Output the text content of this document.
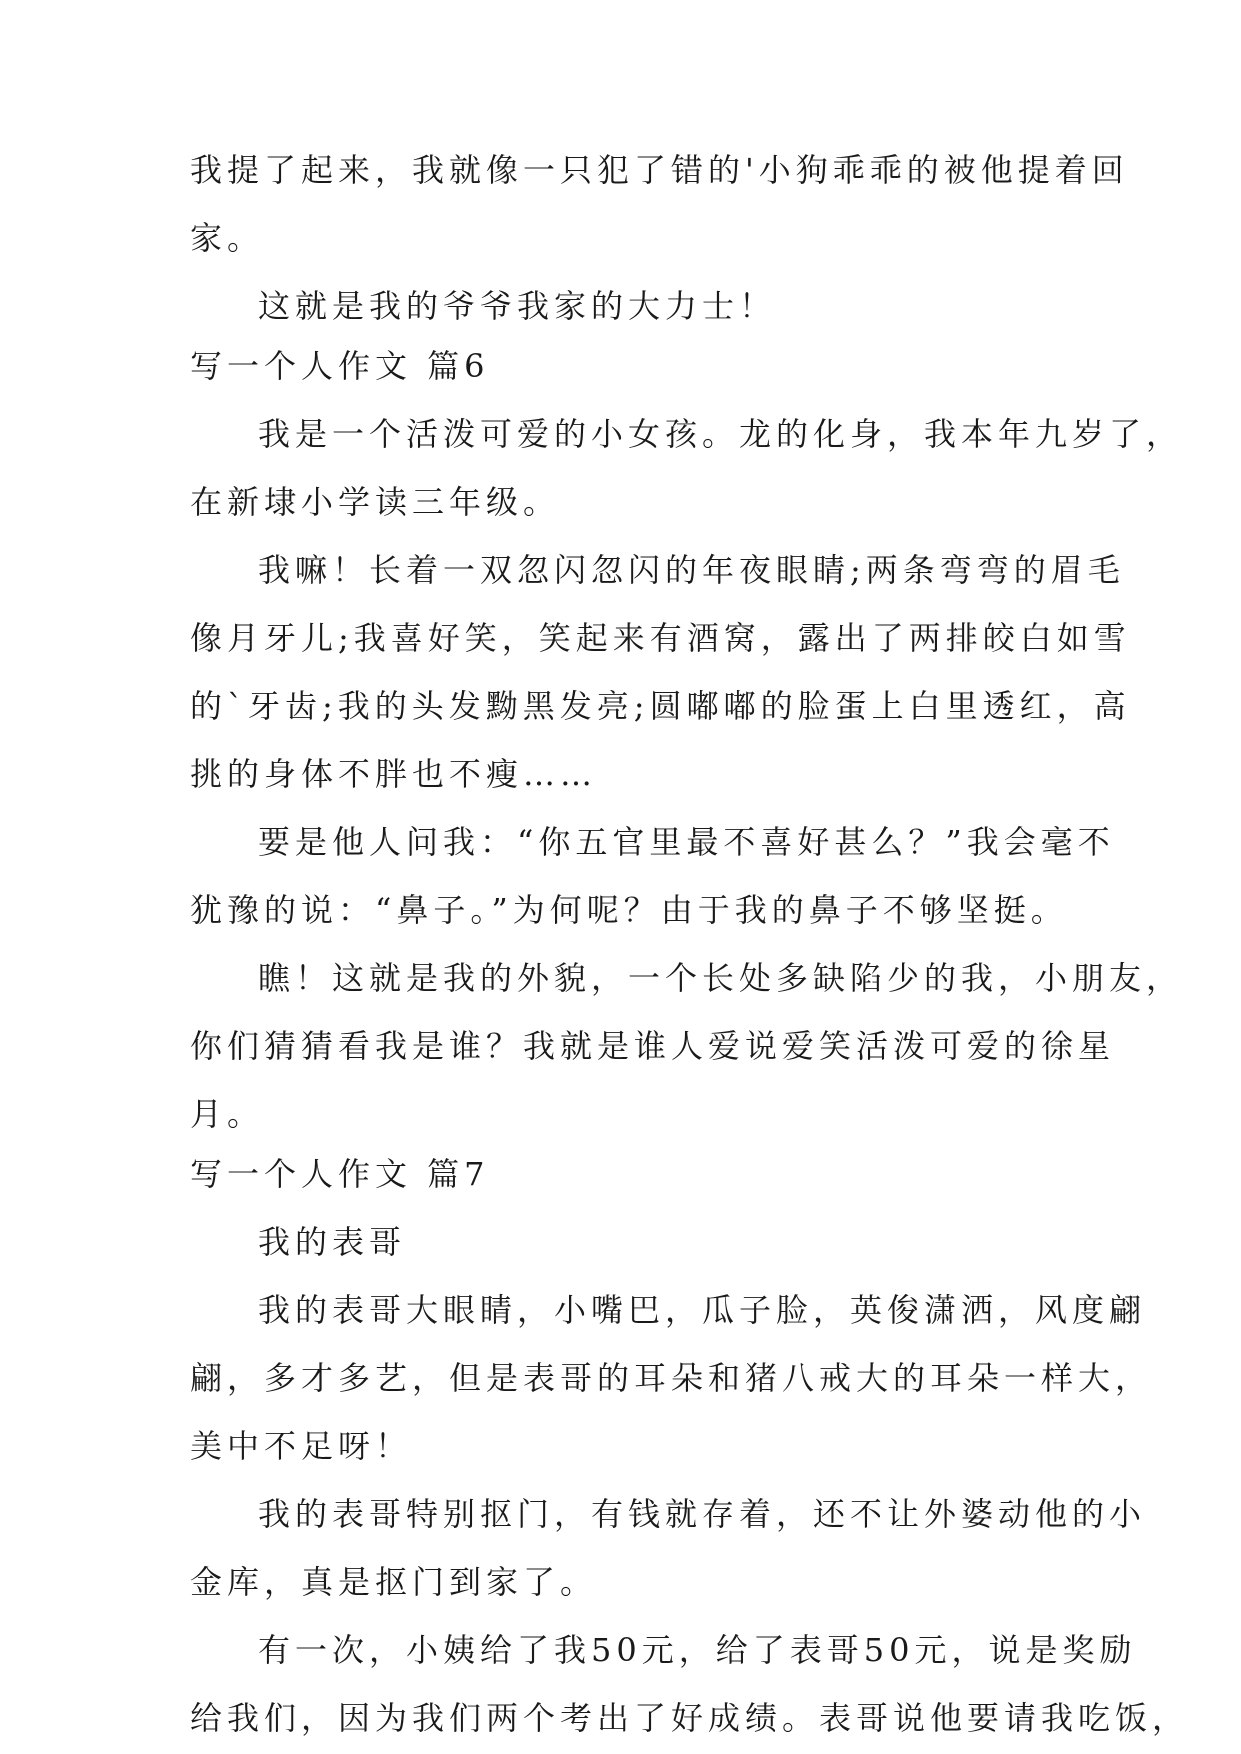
我提了起来，我就像一只犯了错的'小狗乖乖的被他提着回
家。
这就是我的爷爷我家的大力士！
写一个人作文 篇6
我是一个活泼可爱的小女孩。龙的化身，我本年九岁了，
在新埭小学读三年级。
我嘛！长着一双忽闪忽闪的年夜眼睛;两条弯弯的眉毛
像月牙儿;我喜好笑，笑起来有酒窝，露出了两排皎白如雪
的`牙齿;我的头发黝黑发亮;圆嘟嘟的脸蛋上白里透红，高
挑的身体不胖也不瘦……
要是他人问我：“你五官里最不喜好甚么？”我会毫不
犹豫的说：“鼻子。”为何呢？由于我的鼻子不够坚挺。
瞧！这就是我的外貌，一个长处多缺陷少的我，小朋友，
你们猜猜看我是谁？我就是谁人爱说爱笑活泼可爱的徐星
月。
写一个人作文 篇7
我的表哥
我的表哥大眼睛，小嘴巴，瓜子脸，英俊潇洒，风度翩
翩，多才多艺，但是表哥的耳朵和猪八戒大的耳朵一样大，
美中不足呀！
我的表哥特别抠门，有钱就存着，还不让外婆动他的小
金库，真是抠门到家了。
有一次，小姨给了我50元，给了表哥50元，说是奖励
给我们，因为我们两个考出了好成绩。表哥说他要请我吃饭，
